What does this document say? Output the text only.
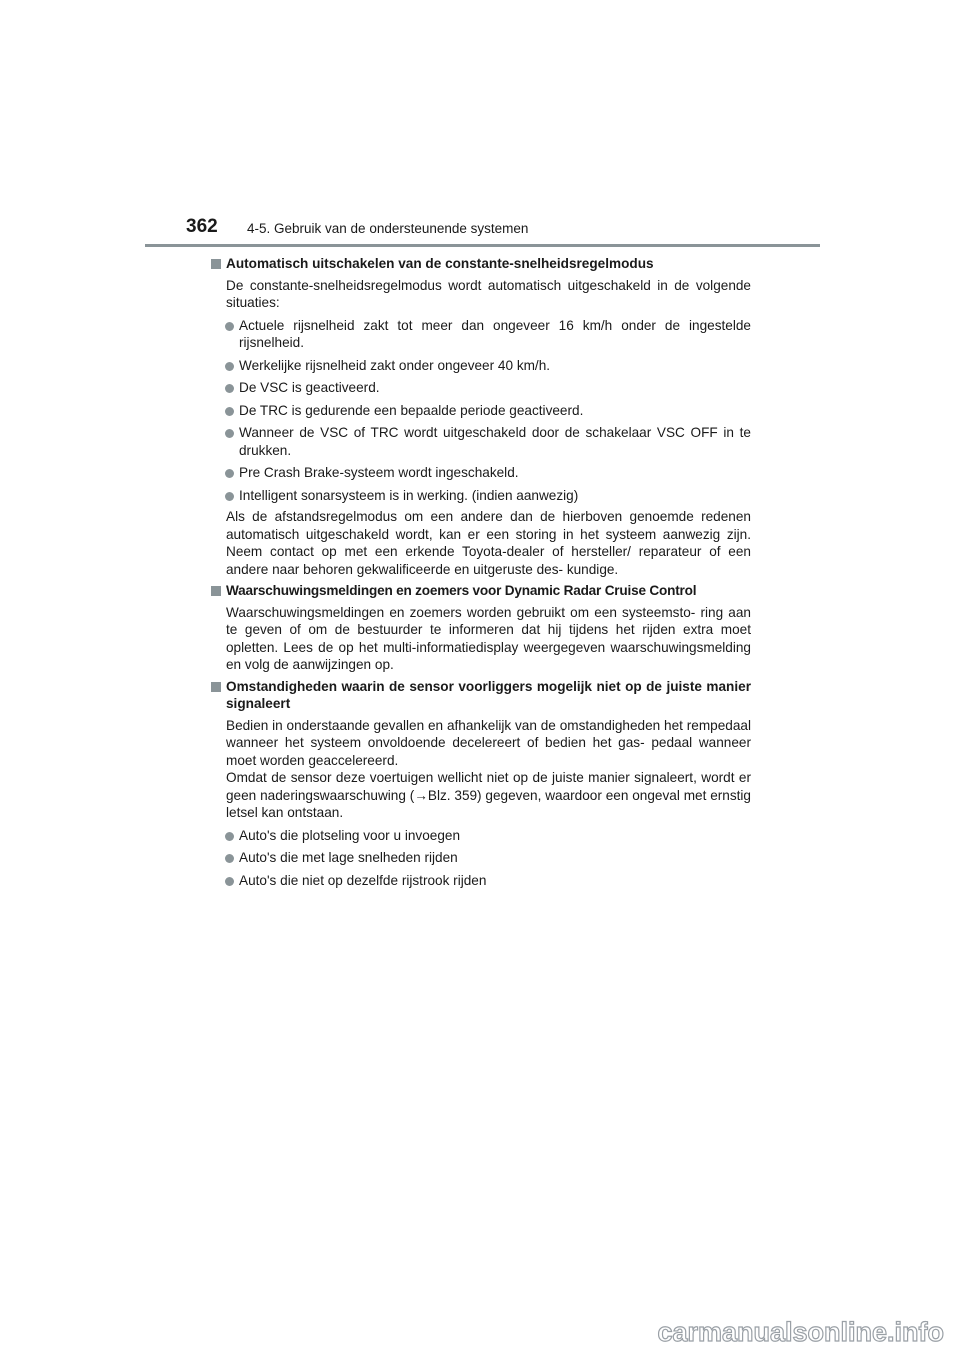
362 4-5. Gebruik van de ondersteunende systemen
Automatisch uitschakelen van de constante-snelheidsregelmodus
De constante-snelheidsregelmodus wordt automatisch uitgeschakeld in de volgende situaties:
Actuele rijsnelheid zakt tot meer dan ongeveer 16 km/h onder de ingestelde rijsnelheid.
Werkelijke rijsnelheid zakt onder ongeveer 40 km/h.
De VSC is geactiveerd.
De TRC is gedurende een bepaalde periode geactiveerd.
Wanneer de VSC of TRC wordt uitgeschakeld door de schakelaar VSC OFF in te drukken.
Pre Crash Brake-systeem wordt ingeschakeld.
Intelligent sonarsysteem is in werking. (indien aanwezig)
Als de afstandsregelmodus om een andere dan de hierboven genoemde redenen automatisch uitgeschakeld wordt, kan er een storing in het systeem aanwezig zijn. Neem contact op met een erkende Toyota-dealer of hersteller/ reparateur of een andere naar behoren gekwalificeerde en uitgeruste des- kundige.
Waarschuwingsmeldingen en zoemers voor Dynamic Radar Cruise Control
Waarschuwingsmeldingen en zoemers worden gebruikt om een systeemsto- ring aan te geven of om de bestuurder te informeren dat hij tijdens het rijden extra moet opletten. Lees de op het multi-informatiedisplay weergegeven waarschuwingsmelding en volg de aanwijzingen op.
Omstandigheden waarin de sensor voorliggers mogelijk niet op de juiste manier signaleert
Bedien in onderstaande gevallen en afhankelijk van de omstandigheden het rempedaal wanneer het systeem onvoldoende decelereert of bedien het gas- pedaal wanneer moet worden geaccelereerd.
Omdat de sensor deze voertuigen wellicht niet op de juiste manier signaleert, wordt er geen naderingswaarschuwing (→Blz. 359) gegeven, waardoor een ongeval met ernstig letsel kan ontstaan.
Auto's die plotseling voor u invoegen
Auto's die met lage snelheden rijden
Auto's die niet op dezelfde rijstrook rijden
carmanualsonline.info
